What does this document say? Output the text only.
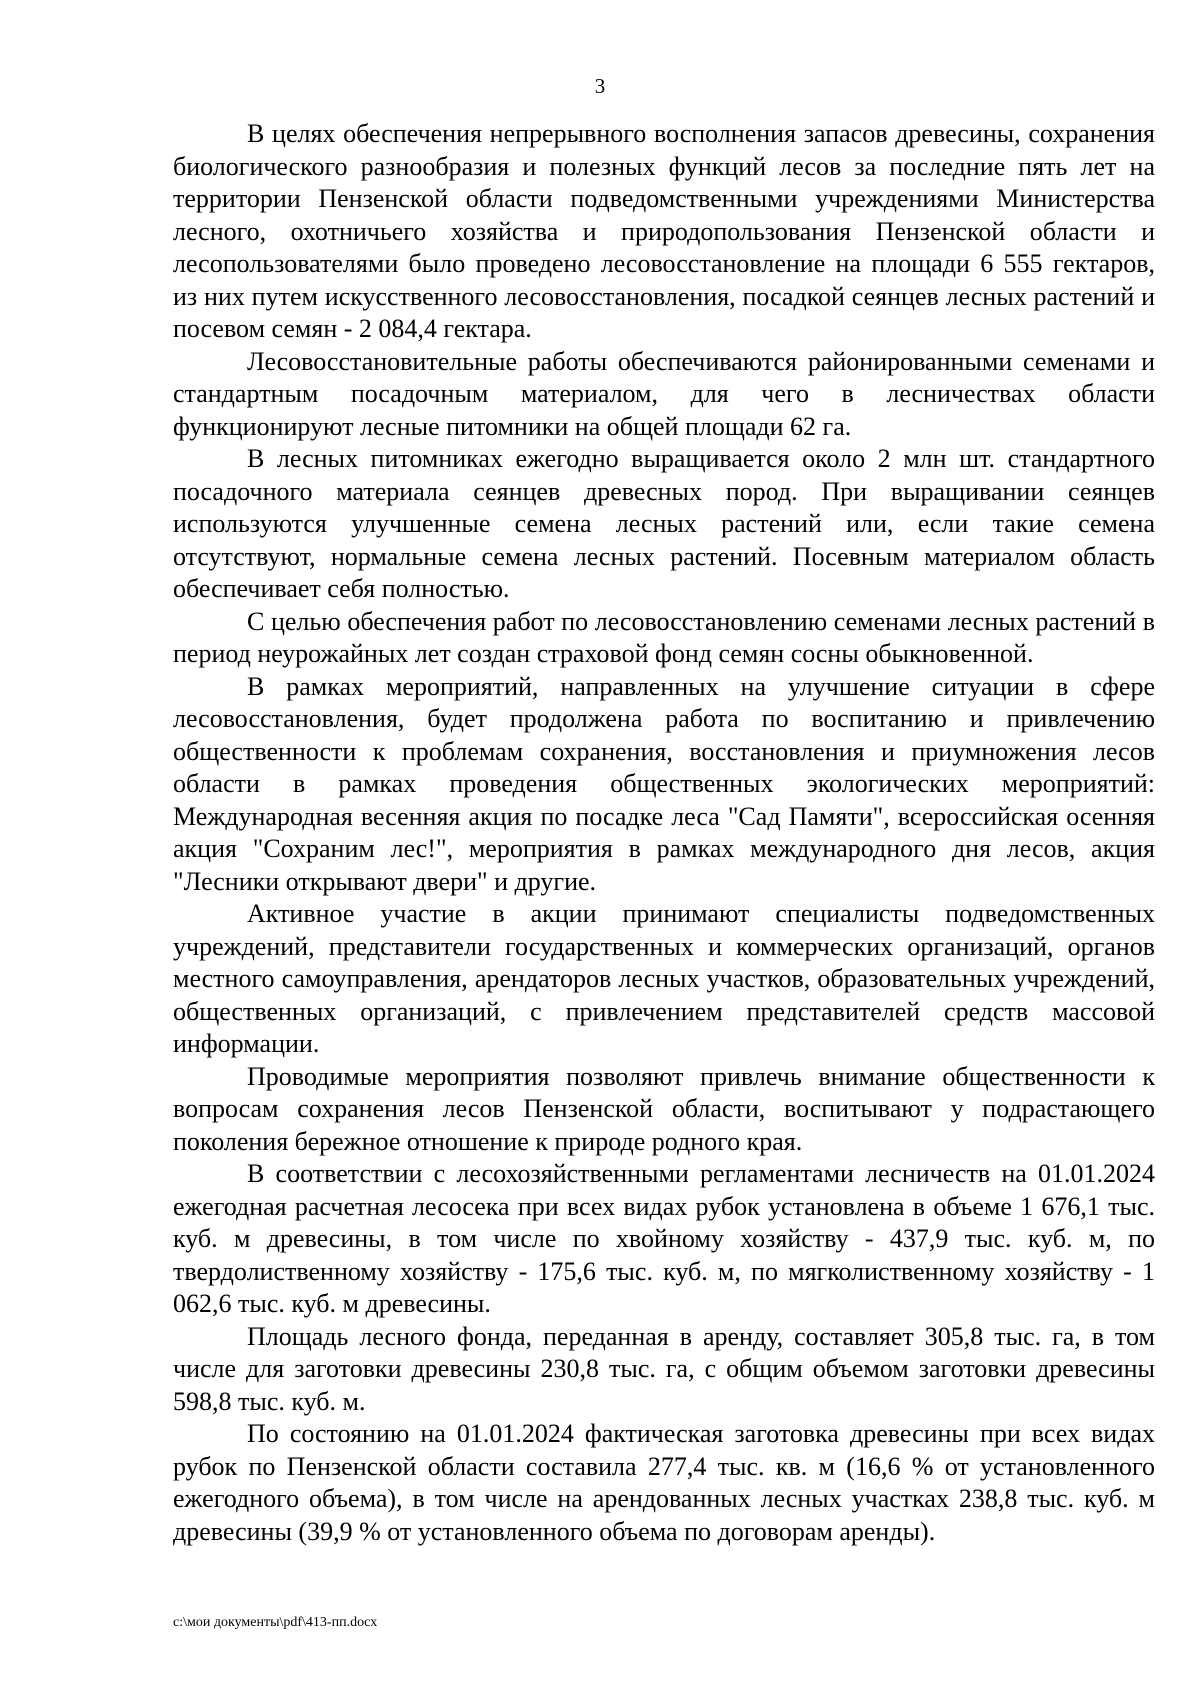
3

В целях обеспечения непрерывного восполнения запасов древесины, сохранения биологического разнообразия и полезных функций лесов за последние пять лет на территории Пензенской области подведомственными учреждениями Министерства лесного, охотничьего хозяйства и природопользования Пензенской области и лесопользователями было проведено лесовосстановление на площади 6 555 гектаров, из них путем искусственного лесовосстановления, посадкой сеянцев лесных растений и посевом семян - 2 084,4 гектара.

Лесовосстановительные работы обеспечиваются районированными семенами и стандартным посадочным материалом, для чего в лесничествах области функционируют лесные питомники на общей площади 62 га.

В лесных питомниках ежегодно выращивается около 2 млн шт. стандартного посадочного материала сеянцев древесных пород. При выращивании сеянцев используются улучшенные семена лесных растений или, если такие семена отсутствуют, нормальные семена лесных растений. Посевным материалом область обеспечивает себя полностью.

С целью обеспечения работ по лесовосстановлению семенами лесных растений в период неурожайных лет создан страховой фонд семян сосны обыкновенной.

В рамках мероприятий, направленных на улучшение ситуации в сфере лесовосстановления, будет продолжена работа по воспитанию и привлечению общественности к проблемам сохранения, восстановления и приумножения лесов области в рамках проведения общественных экологических мероприятий: Международная весенняя акция по посадке леса "Сад Памяти", всероссийская осенняя акция "Сохраним лес!", мероприятия в рамках международного дня лесов, акция "Лесники открывают двери" и другие.

Активное участие в акции принимают специалисты подведомственных учреждений, представители государственных и коммерческих организаций, органов местного самоуправления, арендаторов лесных участков, образовательных учреждений, общественных организаций, с привлечением представителей средств массовой информации.

Проводимые мероприятия позволяют привлечь внимание общественности к вопросам сохранения лесов Пензенской области, воспитывают у подрастающего поколения бережное отношение к природе родного края.

В соответствии с лесохозяйственными регламентами лесничеств на 01.01.2024 ежегодная расчетная лесосека при всех видах рубок установлена в объеме 1 676,1 тыс. куб. м древесины, в том числе по хвойному хозяйству - 437,9 тыс. куб. м, по твердолиственному хозяйству - 175,6 тыс. куб. м, по мягколиственному хозяйству - 1 062,6 тыс. куб. м древесины.

Площадь лесного фонда, переданная в аренду, составляет 305,8 тыс. га, в том числе для заготовки древесины 230,8 тыс. га, с общим объемом заготовки древесины 598,8 тыс. куб. м.

По состоянию на 01.01.2024 фактическая заготовка древесины при всех видах рубок по Пензенской области составила 277,4 тыс. кв. м (16,6 % от установленного ежегодного объема), в том числе на арендованных лесных участках 238,8 тыс. куб. м древесины (39,9 % от установленного объема по договорам аренды).

c:\мои документы\pdf\413-пп.docx
